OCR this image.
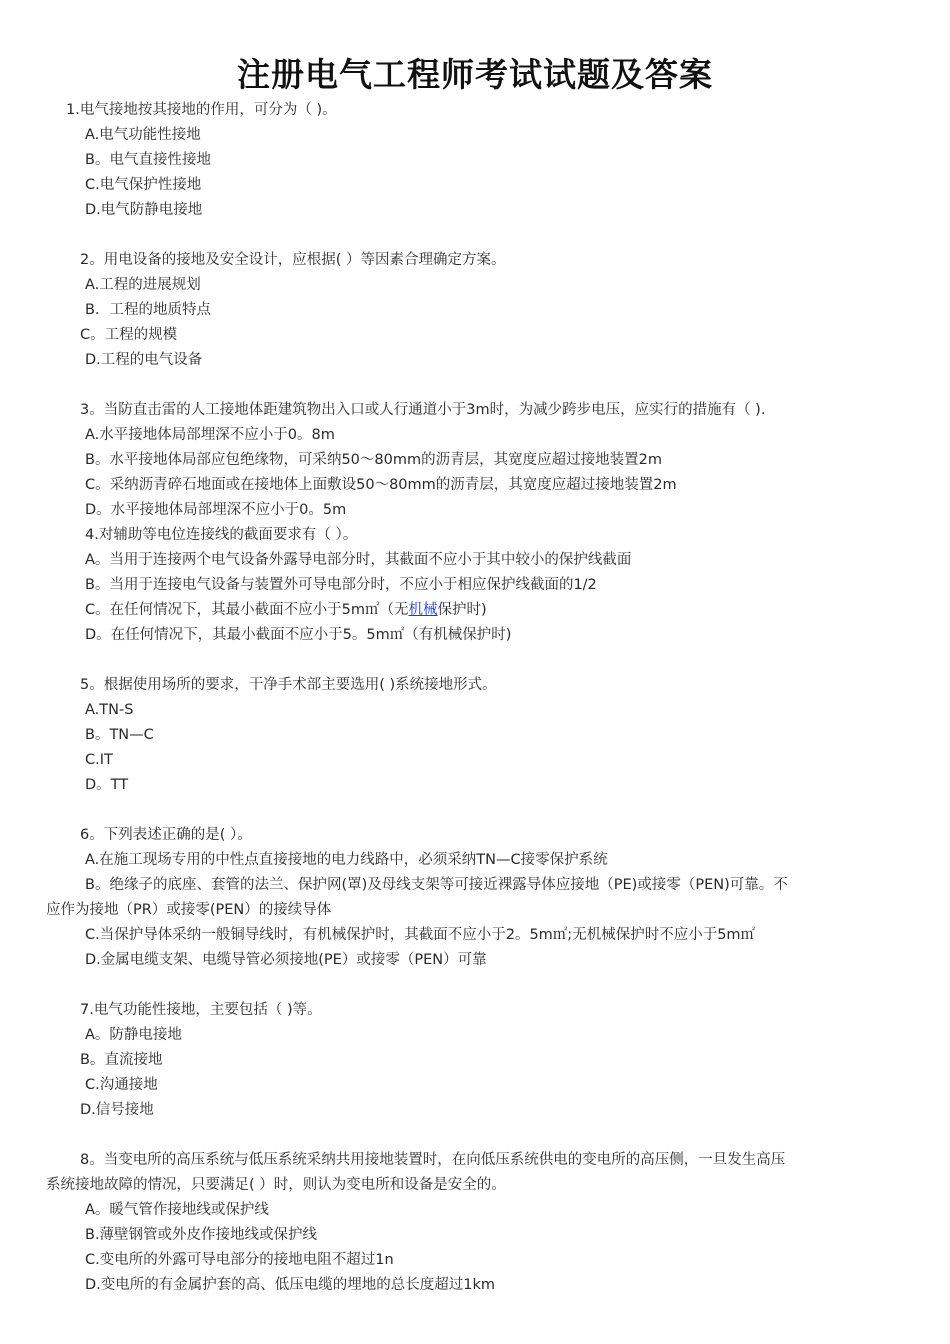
注册电气工程师考试试题及答案
1.电气接地按其接地的作用，可分为（ )。
A.电气功能性接地
B。电气直接性接地
C.电气保护性接地
D.电气防静电接地
2。用电设备的接地及安全设计，应根据( ）等因素合理确定方案。
A.工程的进展规划
B．工程的地质特点
C。工程的规模
D.工程的电气设备
3。当防直击雷的人工接地体距建筑物出入口或人行通道小于3m时，为减少跨步电压，应实行的措施有（ ).
A.水平接地体局部埋深不应小于0。8m
B。水平接地体局部应包绝缘物，可采纳50～80mm的沥青层，其宽度应超过接地装置2m
C。采纳沥青碎石地面或在接地体上面敷设50～80mm的沥青层，其宽度应超过接地装置2m
D。水平接地体局部埋深不应小于0。5m
4.对辅助等电位连接线的截面要求有（ ）。
A。当用于连接两个电气设备外露导电部分时，其截面不应小于其中较小的保护线截面
B。当用于连接电气设备与装置外可导电部分时，不应小于相应保护线截面的1/2
C。在任何情况下，其最小截面不应小于5m㎡（无机械保护时)
D。在任何情况下，其最小截面不应小于5。5m㎡（有机械保护时)
5。根据使用场所的要求，干净手术部主要选用( )系统接地形式。
A.TN-S
B。TN—C
C.IT
D。TT
6。下列表述正确的是( ）。
A.在施工现场专用的中性点直接接地的电力线路中，必须采纳TN—C接零保护系统
B。绝缘子的底座、套管的法兰、保护网(罩)及母线支架等可接近裸露导体应接地（PE)或接零（PEN)可靠。不
应作为接地（PR）或接零(PEN）的接续导体
C.当保护导体采纳一般铜导线时，有机械保护时，其截面不应小于2。5m㎡;无机械保护时不应小于5m㎡
D.金属电缆支架、电缆导管必须接地(PE）或接零（PEN）可靠
7.电气功能性接地，主要包括（ )等。
A。防静电接地
B。直流接地
C.沟通接地
D.信号接地
8。当变电所的高压系统与低压系统采纳共用接地装置时，在向低压系统供电的变电所的高压侧，一旦发生高压
系统接地故障的情况，只要满足( ）时，则认为变电所和设备是安全的。
A。暖气管作接地线或保护线
B.薄壁钢管或外皮作接地线或保护线
C.变电所的外露可导电部分的接地电阻不超过1n
D.变电所的有金属护套的高、低压电缆的埋地的总长度超过1km
